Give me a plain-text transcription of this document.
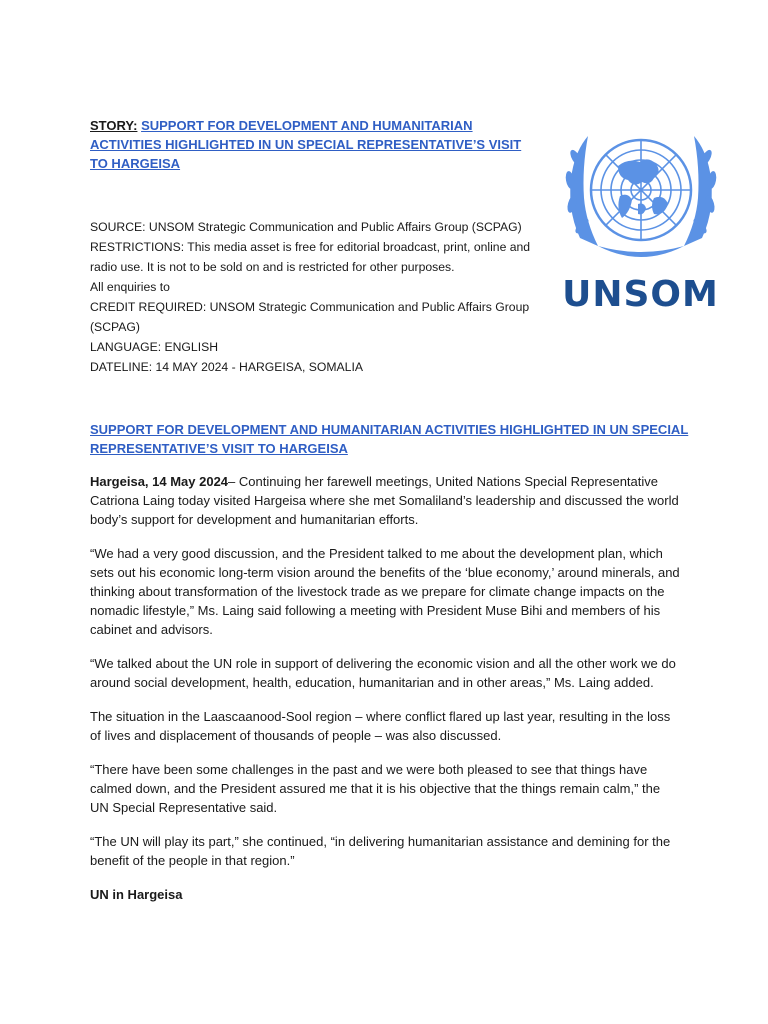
STORY: SUPPORT FOR DEVELOPMENT AND HUMANITARIAN ACTIVITIES HIGHLIGHTED IN UN SPECIAL REPRESENTATIVE’S VISIT TO HARGEISA
SOURCE: UNSOM Strategic Communication and Public Affairs Group (SCPAG)
RESTRICTIONS: This media asset is free for editorial broadcast, print, online and radio use. It is not to be sold on and is restricted for other purposes.
All enquiries to
CREDIT REQUIRED: UNSOM Strategic Communication and Public Affairs Group (SCPAG)
LANGUAGE: ENGLISH
DATELINE: 14 MAY 2024 - HARGEISA, SOMALIA
UNSOM
SUPPORT FOR DEVELOPMENT AND HUMANITARIAN ACTIVITIES HIGHLIGHTED IN UN SPECIAL REPRESENTATIVE’S VISIT TO HARGEISA

Hargeisa, 14 May 2024– Continuing her farewell meetings, United Nations Special Representative Catriona Laing today visited Hargeisa where she met Somaliland’s leadership and discussed the world body’s support for development and humanitarian efforts.

“We had a very good discussion, and the President talked to me about the development plan, which sets out his economic long-term vision around the benefits of the ‘blue economy,’ around minerals, and thinking about transformation of the livestock trade as we prepare for climate change impacts on the nomadic lifestyle,” Ms. Laing said following a meeting with President Muse Bihi and members of his cabinet and advisors.

“We talked about the UN role in support of delivering the economic vision and all the other work we do around social development, health, education, humanitarian and in other areas,” Ms. Laing added.

The situation in the Laascaanood-Sool region – where conflict flared up last year, resulting in the loss of lives and displacement of thousands of people – was also discussed.

“There have been some challenges in the past and we were both pleased to see that things have calmed down, and the President assured me that it is his objective that the things remain calm,” the UN Special Representative said.

“The UN will play its part,” she continued, “in delivering humanitarian assistance and demining for the benefit of the people in that region.”

UN in Hargeisa
